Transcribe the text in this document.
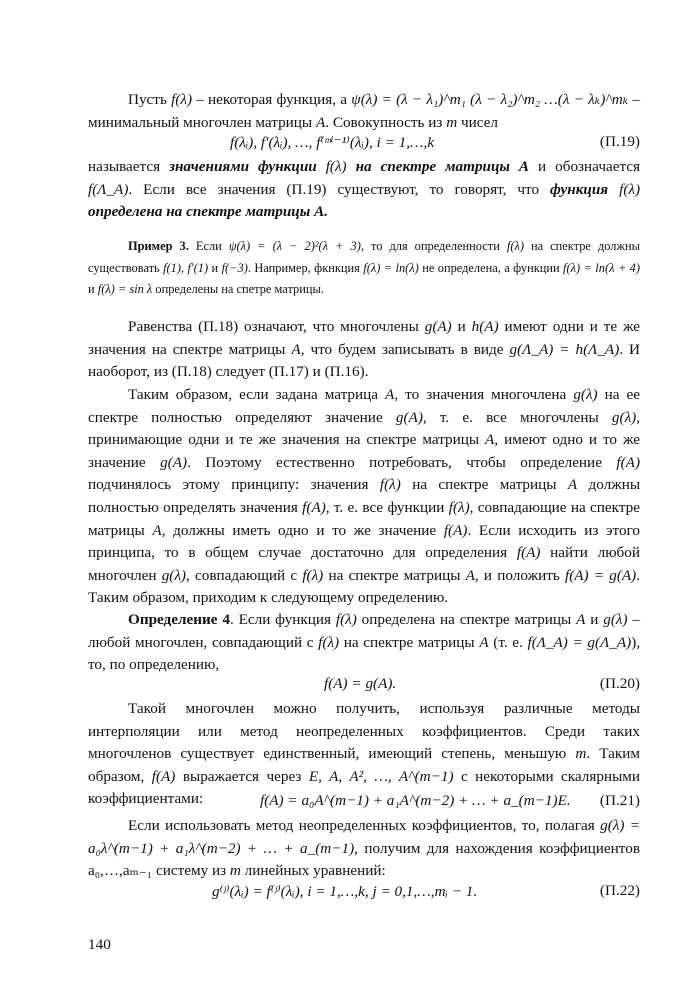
Пусть f(λ) – некоторая функция, а ψ(λ) = (λ − λ₁)^m₁ (λ − λ₂)^m₂ …(λ − λₖ)^mₖ – минимальный многочлен матрицы A. Совокупность из m чисел
f(λᵢ), f′(λᵢ), …, f⁽ᵐⁱ⁻¹⁾(λᵢ), i = 1,…,k	(П.19)
называется значениями функции f(λ) на спектре матрицы A и обозначается f(Λ_A). Если все значения (П.19) существуют, то говорят, что функция f(λ) определена на спектре матрицы A.
Пример 3. Если ψ(λ) = (λ − 2)²(λ + 3), то для определенности f(λ) на спектре должны существовать f(1), f′(1) и f(−3). Например, фкнкция f(λ) = ln(λ) не определена, а функции f(λ) = ln(λ + 4) и f(λ) = sin λ определены на спетре матрицы.
Равенства (П.18) означают, что многочлены g(A) и h(A) имеют одни и те же значения на спектре матрицы A, что будем записывать в виде g(Λ_A) = h(Λ_A). И наоборот, из (П.18) следует (П.17) и (П.16).
Таким образом, если задана матрица A, то значения многочлена g(λ) на ее спектре полностью определяют значение g(A), т. е. все многочлены g(λ), принимающие одни и те же значения на спектре матрицы A, имеют одно и то же значение g(A). Поэтому естественно потребовать, чтобы определение f(A) подчинялось этому принципу: значения f(λ) на спектре матрицы A должны полностью определять значения f(A), т. е. все функции f(λ), совпадающие на спектре матрицы A, должны иметь одно и то же значение f(A). Если исходить из этого принципа, то в общем случае достаточно для определения f(A) найти любой многочлен g(λ), совпадающий с f(λ) на спектре матрицы A, и положить f(A) = g(A). Таким образом, приходим к следующему определению.
Определение 4. Если функция f(λ) определена на спектре матрицы A и g(λ) – любой многочлен, совпадающий с f(λ) на спектре матрицы A (т. е. f(Λ_A) = g(Λ_A)), то, по определению,
f(A) = g(A).	(П.20)
Такой многочлен можно получить, используя различные методы интерполяции или метод неопределенных коэффициентов. Среди таких многочленов существует единственный, имеющий степень, меньшую m. Таким образом, f(A) выражается через E, A, A², …, A^(m−1) с некоторыми скалярными коэффициентами:	f(A) = a₀A^(m−1) + a₁A^(m−2) + … + a_(m−1)E. (П.21)
Если использовать метод неопределенных коэффициентов, то, полагая g(λ) = a₀λ^(m−1) + a₁λ^(m−2) + … + a_(m−1), получим для нахождения коэффициентов a₀,…,aₘ₋₁ систему из m линейных уравнений:
g⁽ʲ⁾(λᵢ) = f⁽ʲ⁾(λᵢ), i = 1,…,k, j = 0,1,…,mᵢ − 1.	(П.22)
140
